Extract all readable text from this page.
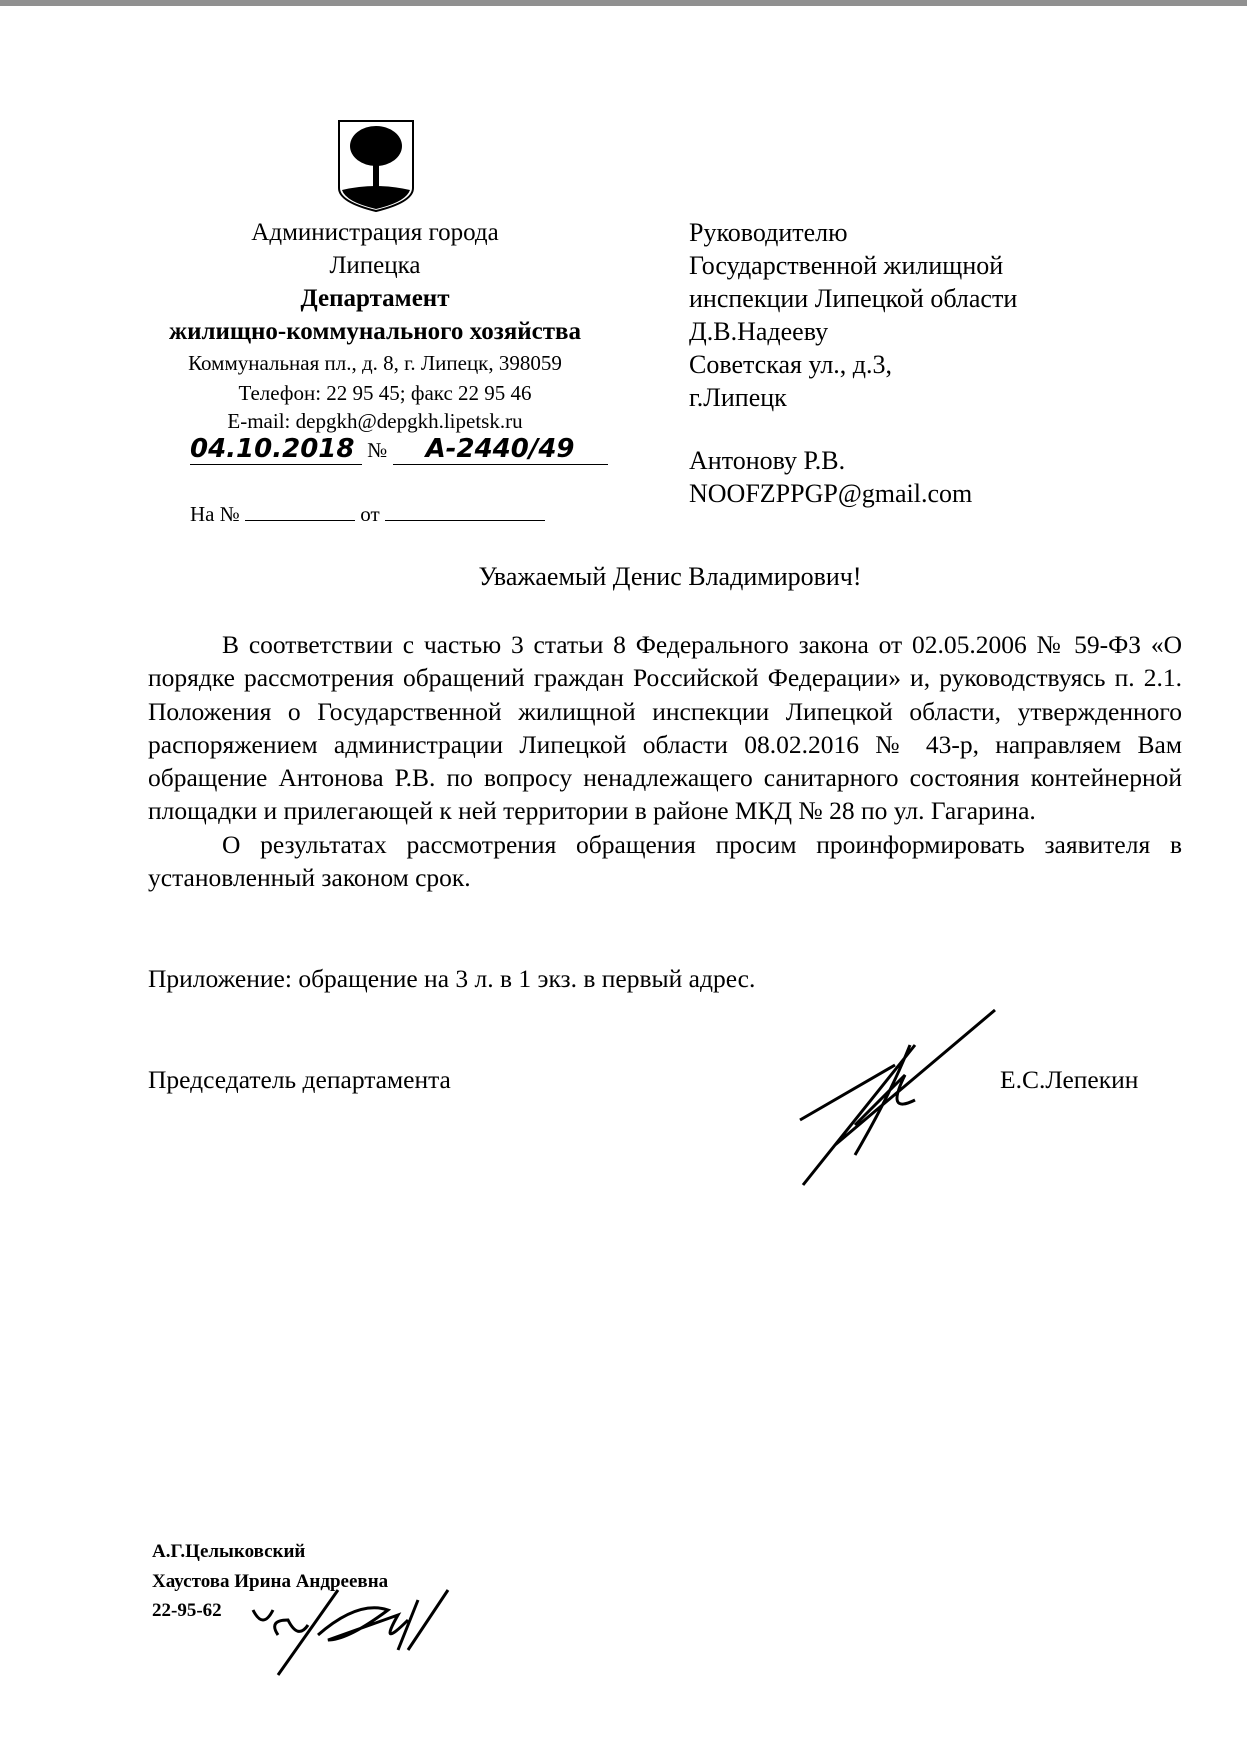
Администрация города
Липецка
Департамент
жилищно-коммунального хозяйства
Коммунальная пл., д. 8, г. Липецк, 398059
Телефон: 22 95 45; факс 22 95 46
E-mail: depgkh@depgkh.lipetsk.ru
04.10.2018 № А-2440/49
На №	от
Руководителю
Государственной жилищной
инспекции Липецкой области
Д.В.Надееву
Советская ул., д.3,
г.Липецк
Антонову Р.В.
NOOFZPPGP@gmail.com
Уважаемый Денис Владимирович!

В соответствии с частью 3 статьи 8 Федерального закона от 02.05.2006 № 59-ФЗ «О порядке рассмотрения обращений граждан Российской Федерации» и, руководствуясь п. 2.1. Положения о Государственной жилищной инспекции Липецкой области, утвержденного распоряжением администрации Липецкой области 08.02.2016 № 43-р, направляем Вам обращение Антонова Р.В. по вопросу ненадлежащего санитарного состояния контейнерной площадки и прилегающей к ней территории в районе МКД № 28 по ул. Гагарина.

О результатах рассмотрения обращения просим проинформировать заявителя в установленный законом срок.

Приложение: обращение на 3 л. в 1 экз. в первый адрес.
Председатель департамента	Е.С.Лепекин
А.Г.Целыковский
Хаустова Ирина Андреевна
22-95-62
